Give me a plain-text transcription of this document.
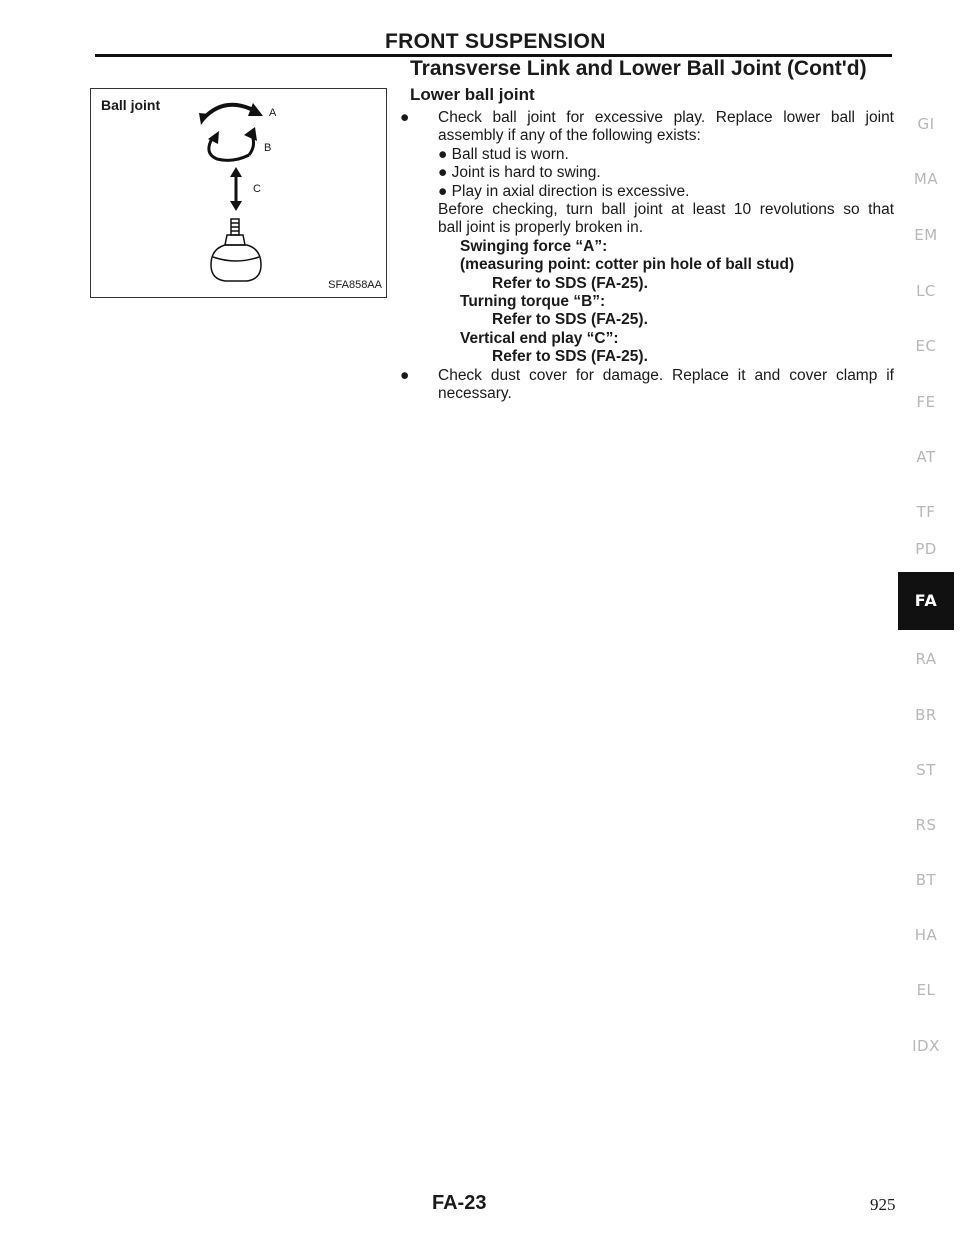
FRONT SUSPENSION
Transverse Link and Lower Ball Joint (Cont'd)
Lower ball joint
Ball joint	A
B
C
SFA858AA
● Check ball joint for excessive play. Replace lower ball joint
assembly if any of the following exists:
● Ball stud is worn.
● Joint is hard to swing.
● Play in axial direction is excessive.
Before checking, turn ball joint at least 10 revolutions so that
ball joint is properly broken in.
Swinging force “A”:
(measuring point: cotter pin hole of ball stud)
Refer to SDS (FA-25).
Turning torque “B”:
Refer to SDS (FA-25).
Vertical end play “C”:
Refer to SDS (FA-25).
● Check dust cover for damage. Replace it and cover clamp if
necessary.
GI
MA
EM
LC
EC
FE
AT
TF
PD
FA
RA
BR
ST
RS
BT
HA
EL
IDX
FA-23	925
